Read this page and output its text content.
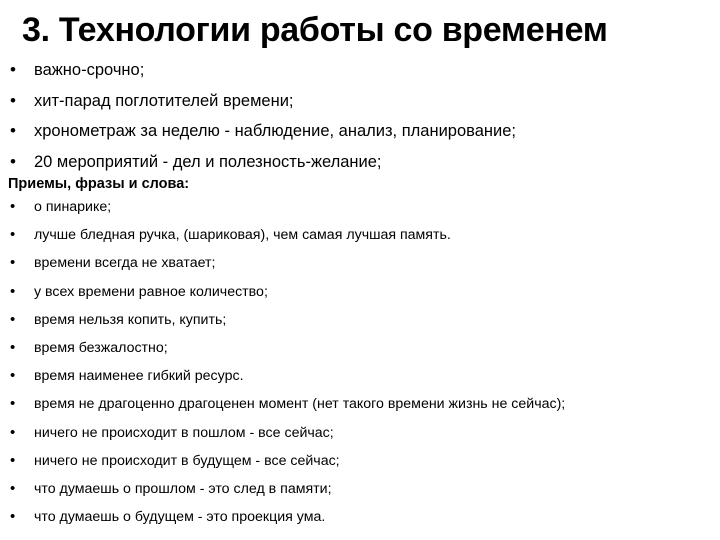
3. Технологии работы со временем
• важно-срочно;
• хит-парад поглотителей времени;
• хронометраж за неделю - наблюдение, анализ, планирование;
• 20 мероприятий - дел и полезность-желание;

Приемы, фразы и слова:

• о пинарике;
• лучше бледная ручка, (шариковая), чем самая лучшая память.
• времени всегда не хватает;
• у всех времени равное количество;
• время нельзя копить, купить;
• время безжалостно;
• время наименее гибкий ресурс.
• время не драгоценно драгоценен момент (нет такого времени жизнь не сейчас);
• ничего не происходит в пошлом - все сейчас;
• ничего не происходит в будущем - все сейчас;
• что думаешь о прошлом - это след в памяти;
• что думаешь о будущем - это проекция ума.
